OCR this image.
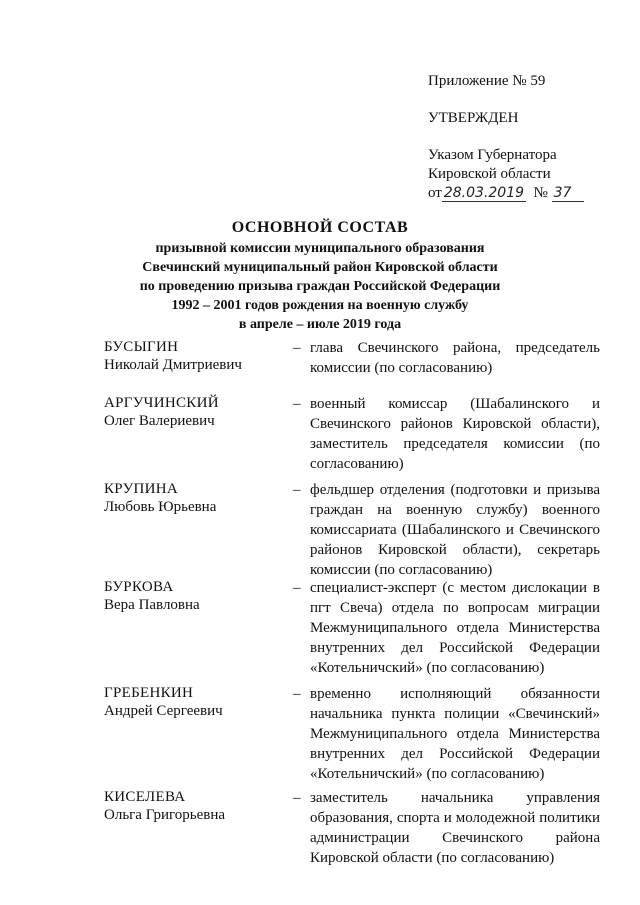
Приложение № 59
УТВЕРЖДЕН
Указом Губернатора
Кировской области
от 28.03.2019 № 37
ОСНОВНОЙ СОСТАВ
призывной комиссии муниципального образования
Свечинский муниципальный район Кировской области
по проведению призыва граждан Российской Федерации
1992 – 2001 годов рождения на военную службу
в апреле – июле 2019 года
БУСЫГИН
Николай Дмитриевич
– глава Свечинского района, председатель комиссии (по согласованию)
АРГУЧИНСКИЙ
Олег Валериевич
– военный комиссар (Шабалинского и Свечинского районов Кировской области), заместитель председателя комиссии (по согласованию)
КРУПИНА
Любовь Юрьевна
– фельдшер отделения (подготовки и призыва граждан на военную службу) военного комиссариата (Шабалинского и Свечинского районов Кировской области), секретарь комиссии (по согласованию)
БУРКОВА
Вера Павловна
– специалист-эксперт (с местом дислокации в пгт Свеча) отдела по вопросам миграции Межмуниципального отдела Министерства внутренних дел Российской Федерации «Котельничский» (по согласованию)
ГРЕБЕНКИН
Андрей Сергеевич
– временно исполняющий обязанности начальника пункта полиции «Свечинский» Межмуниципального отдела Министерства внутренних дел Российской Федерации «Котельничский» (по согласованию)
КИСЕЛЕВА
Ольга Григорьевна
– заместитель начальника управления образования, спорта и молодежной политики администрации Свечинского района Кировской области (по согласованию)
